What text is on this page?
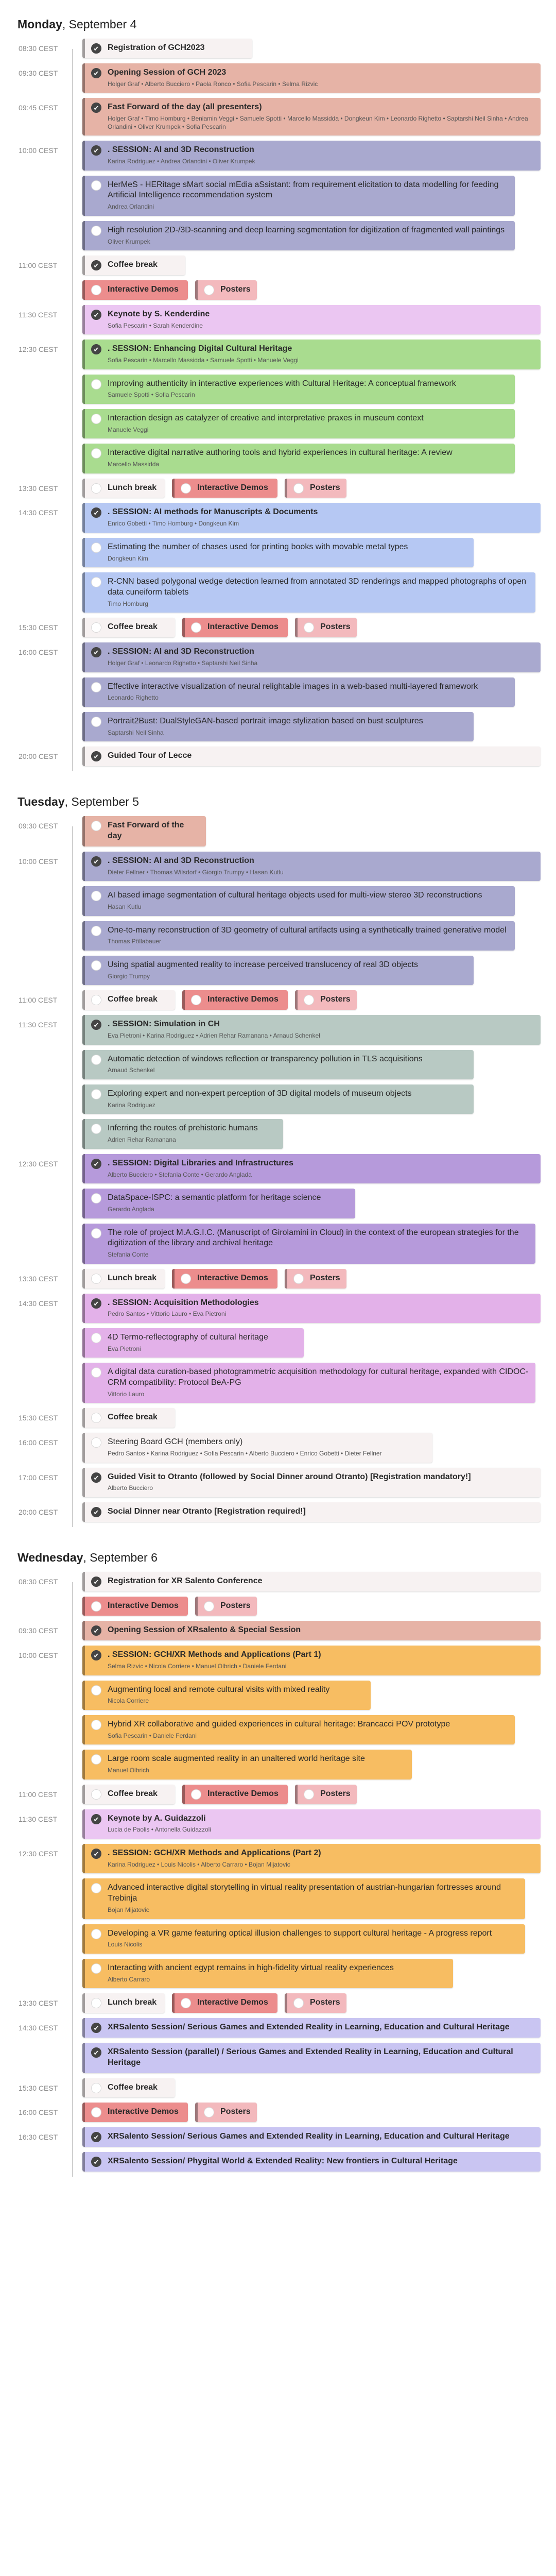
Monday, September 4
08:30 CEST	✔ Registration of GCH2023
09:30 CEST	✔ Opening Session of GCH 2023
Holger Graf • Alberto Bucciero • Paola Ronco • Sofia Pescarin • Selma Rizvic
09:45 CEST	✔ Fast Forward of the day (all presenters)
Holger Graf • Timo Homburg • Beniamin Veggi • Samuele Spotti • Marcello Massidda • Dongkeun Kim • Leonardo Righetto • Saptarshi Neil Sinha • Andrea Orlandini • Oliver Krumpek • Sofia Pescarin
10:00 CEST	✔ . SESSION: AI and 3D Reconstruction
Karina Rodriguez • Andrea Orlandini • Oliver Krumpek
HerMeS - HERitage sMart social mEdia aSsistant: from requirement elicitation to data modelling for feeding Artificial Intelligence recommendation system
Andrea Orlandini
High resolution 2D-/3D-scanning and deep learning segmentation for digitization of fragmented wall paintings
Oliver Krumpek
11:00 CEST	✔ Coffee break
Interactive Demos	Posters
11:30 CEST	✔ Keynote by S. Kenderdine
Sofia Pescarin • Sarah Kenderdine
12:30 CEST	✔ . SESSION: Enhancing Digital Cultural Heritage
Sofia Pescarin • Marcello Massidda • Samuele Spotti • Manuele Veggi
Improving authenticity in interactive experiences with Cultural Heritage: A conceptual framework
Samuele Spotti • Sofia Pescarin
Interaction design as catalyzer of creative and interpretative praxes in museum context
Manuele Veggi
Interactive digital narrative authoring tools and hybrid experiences in cultural heritage: A review
Marcello Massidda
13:30 CEST	Lunch break	Interactive Demos	Posters
14:30 CEST	✔ . SESSION: AI methods for Manuscripts & Documents
Enrico Gobetti • Timo Homburg • Dongkeun Kim
Estimating the number of chases used for printing books with movable metal types
Dongkeun Kim
R-CNN based polygonal wedge detection learned from annotated 3D renderings and mapped photographs of open data cuneiform tablets
Timo Homburg
15:30 CEST	Coffee break	Interactive Demos	Posters
16:00 CEST	✔ . SESSION: AI and 3D Reconstruction
Holger Graf • Leonardo Righetto • Saptarshi Neil Sinha
Effective interactive visualization of neural relightable images in a web-based multi-layered framework
Leonardo Righetto
Portrait2Bust: DualStyleGAN-based portrait image stylization based on bust sculptures
Saptarshi Neil Sinha
20:00 CEST	✔ Guided Tour of Lecce
Tuesday, September 5
09:30 CEST	Fast Forward of the day
10:00 CEST	✔ . SESSION: AI and 3D Reconstruction
Dieter Fellner • Thomas Wilsdorf • Giorgio Trumpy • Hasan Kutlu
AI based image segmentation of cultural heritage objects used for multi-view stereo 3D reconstructions
Hasan Kutlu
One-to-many reconstruction of 3D geometry of cultural artifacts using a synthetically trained generative model
Thomas Pöllabauer
Using spatial augmented reality to increase perceived translucency of real 3D objects
Giorgio Trumpy
11:00 CEST	Coffee break	Interactive Demos	Posters
11:30 CEST	✔ . SESSION: Simulation in CH
Eva Pietroni • Karina Rodriguez • Adrien Rehar Ramanana • Arnaud Schenkel
Automatic detection of windows reflection or transparency pollution in TLS acquisitions
Arnaud Schenkel
Exploring expert and non-expert perception of 3D digital models of museum objects
Karina Rodriguez
Inferring the routes of prehistoric humans
Adrien Rehar Ramanana
12:30 CEST	✔ . SESSION: Digital Libraries and Infrastructures
Alberto Bucciero • Stefania Conte • Gerardo Anglada
DataSpace-ISPC: a semantic platform for heritage science
Gerardo Anglada
The role of project M.A.G.I.C. (Manuscript of Girolamini in Cloud) in the context of the european strategies for the digitization of the library and archival heritage
Stefania Conte
13:30 CEST	Lunch break	Interactive Demos	Posters
14:30 CEST	✔ . SESSION: Acquisition Methodologies
Pedro Santos • Vittorio Lauro • Eva Pietroni
4D Termo-reflectography of cultural heritage
Eva Pietroni
A digital data curation-based photogrammetric acquisition methodology for cultural heritage, expanded with CIDOC-CRM compatibility: Protocol BeA-PG
Vittorio Lauro
15:30 CEST	Coffee break
16:00 CEST	Steering Board GCH (members only)
Pedro Santos • Karina Rodriguez • Sofia Pescarin • Alberto Bucciero • Enrico Gobetti • Dieter Fellner
17:00 CEST	✔ Guided Visit to Otranto (followed by Social Dinner around Otranto) [Registration mandatory!]
Alberto Bucciero
20:00 CEST	✔ Social Dinner near Otranto [Registration required!]
Wednesday, September 6
08:30 CEST	✔ Registration for XR Salento Conference
Interactive Demos	Posters
09:30 CEST	✔ Opening Session of XRsalento & Special Session
10:00 CEST	✔ . SESSION: GCH/XR Methods and Applications (Part 1)
Selma Rizvic • Nicola Corriere • Manuel Olbrich • Daniele Ferdani
Augmenting local and remote cultural visits with mixed reality
Nicola Corriere
Hybrid XR collaborative and guided experiences in cultural heritage: Brancacci POV prototype
Sofia Pescarin • Daniele Ferdani
Large room scale augmented reality in an unaltered world heritage site
Manuel Olbrich
11:00 CEST	Coffee break	Interactive Demos	Posters
11:30 CEST	✔ Keynote by A. Guidazzoli
Lucia de Paolis • Antonella Guidazzoli
12:30 CEST	✔ . SESSION: GCH/XR Methods and Applications (Part 2)
Karina Rodriguez • Louis Nicolis • Alberto Carraro • Bojan Mijatovic
Advanced interactive digital storytelling in virtual reality presentation of austrian-hungarian fortresses around Trebinja
Bojan Mijatovic
Developing a VR game featuring optical illusion challenges to support cultural heritage - A progress report
Louis Nicolis
Interacting with ancient egypt remains in high-fidelity virtual reality experiences
Alberto Carraro
13:30 CEST	Lunch break	Interactive Demos	Posters
14:30 CEST	✔ XRSalento Session/ Serious Games and Extended Reality in Learning, Education and Cultural Heritage
✔ XRSalento Session (parallel) / Serious Games and Extended Reality in Learning, Education and Cultural Heritage
15:30 CEST	Coffee break
16:00 CEST	Interactive Demos	Posters
16:30 CEST	✔ XRSalento Session/ Serious Games and Extended Reality in Learning, Education and Cultural Heritage
✔ XRSalento Session/ Phygital World & Extended Reality: New frontiers in Cultural Heritage
